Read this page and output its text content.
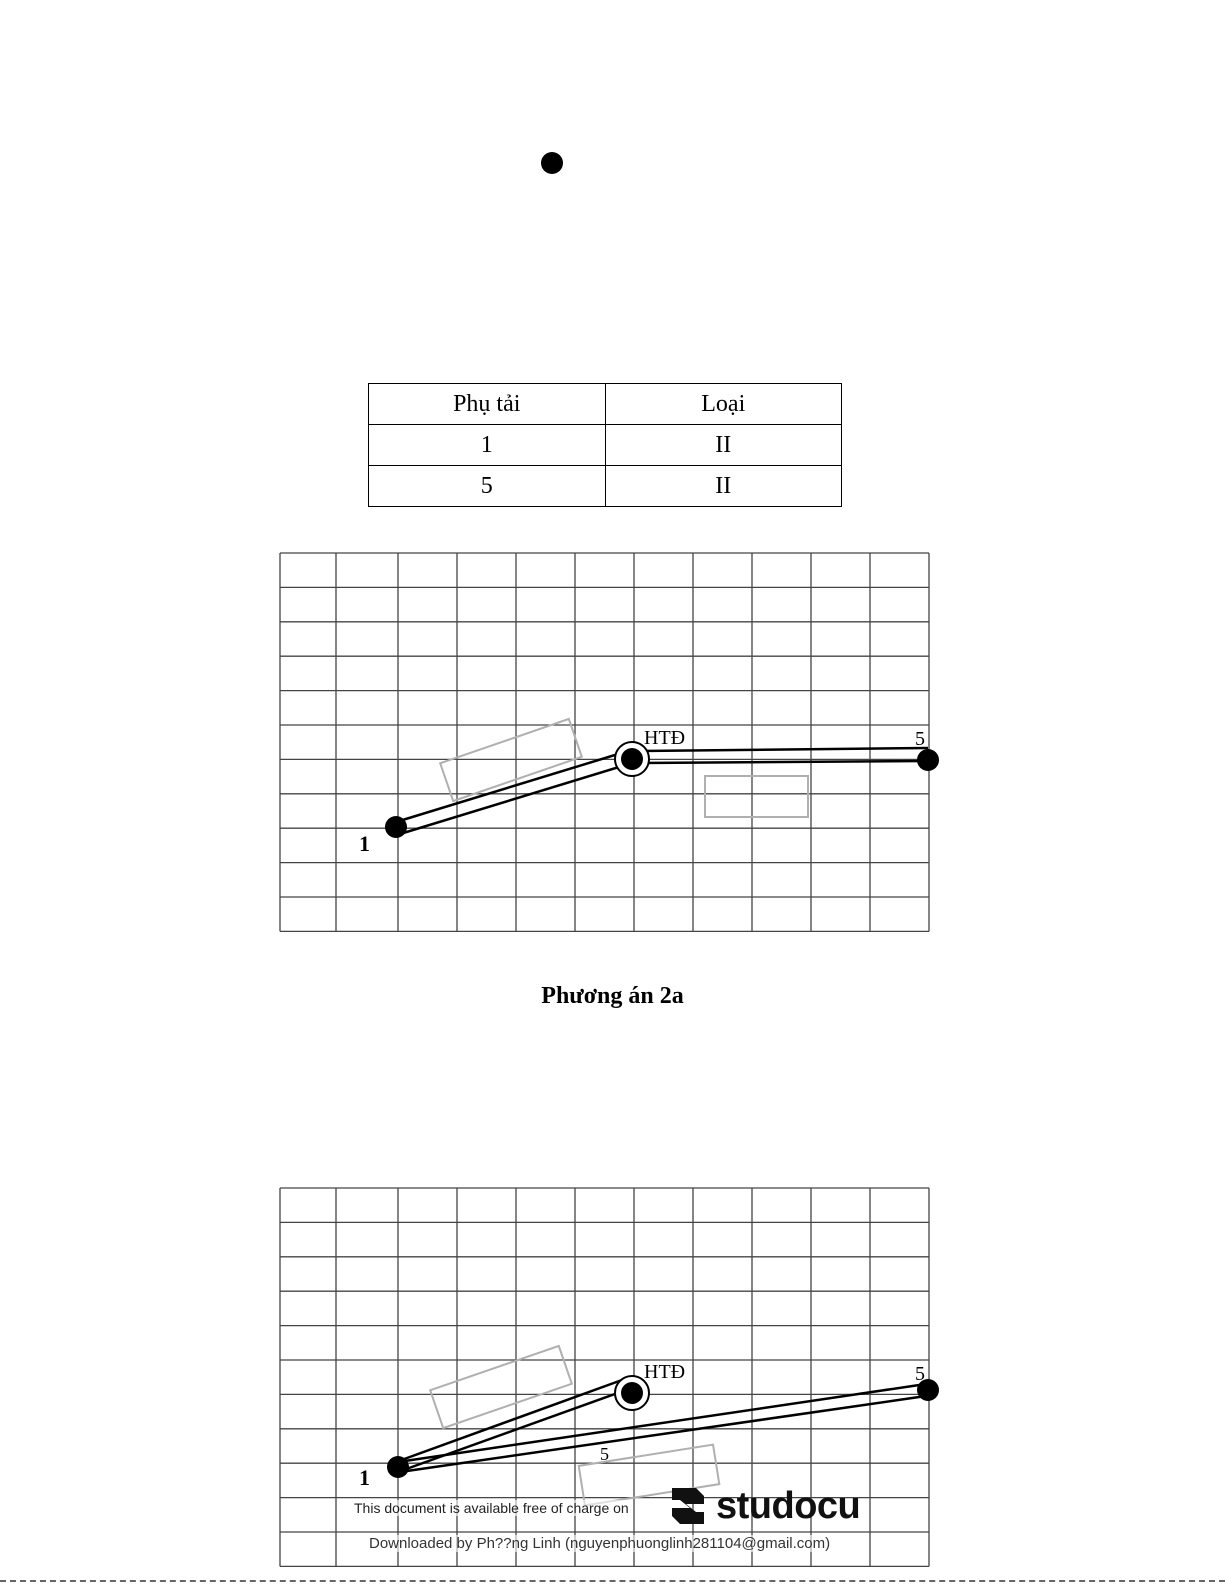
Phụ tải	Loại
1	II
5	II
HTĐ
1
5
Phương án 2a
HTĐ
1
5
5
This document is available free of charge on studocu
Downloaded by Ph??ng Linh (nguyenphuonglinh281104@gmail.com)
